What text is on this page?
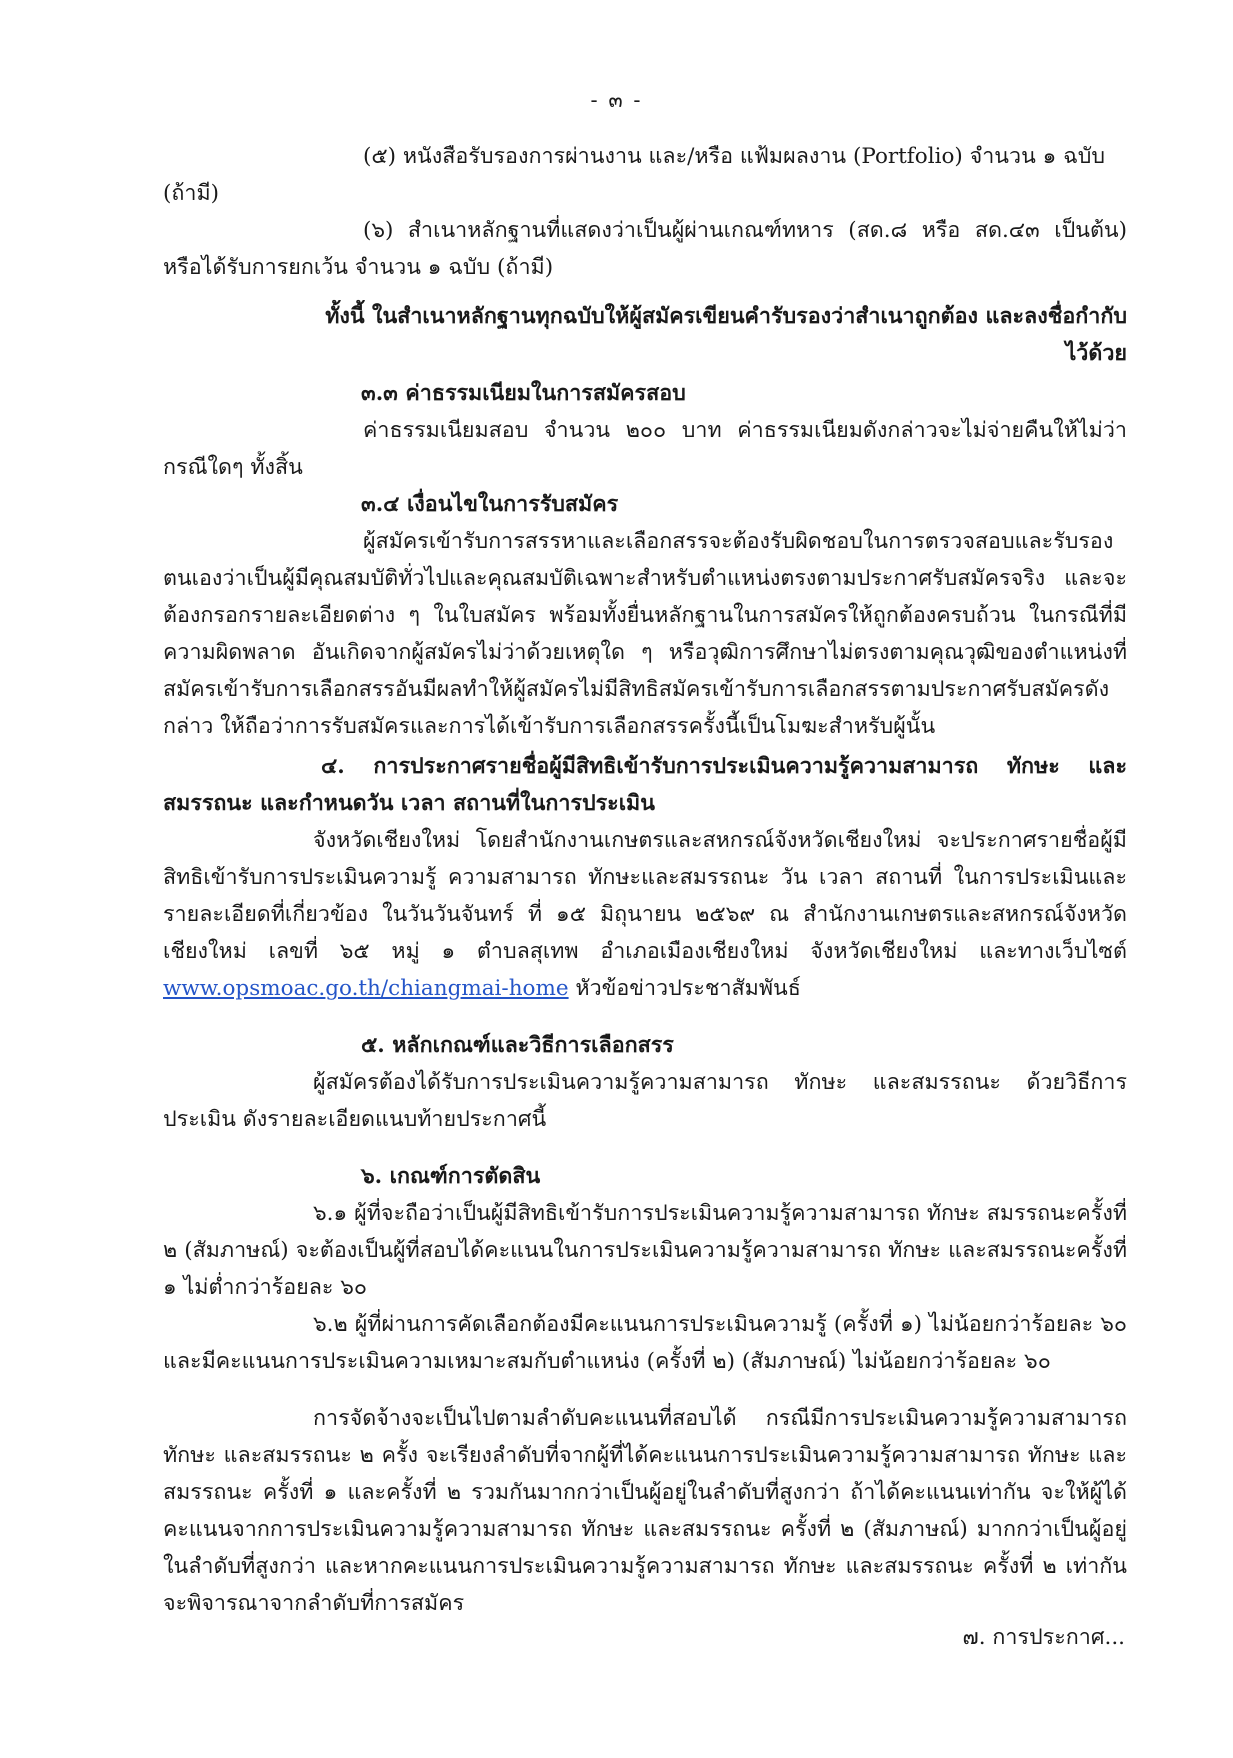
- ๓ -

(๕) หนังสือรับรองการผ่านงาน และ/หรือ แฟ้มผลงาน (Portfolio) จำนวน ๑ ฉบับ (ถ้ามี)

(๖) สำเนาหลักฐานที่แสดงว่าเป็นผู้ผ่านเกณฑ์ทหาร (สด.๘ หรือ สด.๔๓ เป็นต้น) หรือได้รับการยกเว้น จำนวน ๑ ฉบับ (ถ้ามี)

ทั้งนี้ ในสำเนาหลักฐานทุกฉบับให้ผู้สมัครเขียนคำรับรองว่าสำเนาถูกต้อง และลงชื่อกำกับไว้ด้วย

๓.๓ ค่าธรรมเนียมในการสมัครสอบ

ค่าธรรมเนียมสอบ จำนวน ๒๐๐ บาท ค่าธรรมเนียมดังกล่าวจะไม่จ่ายคืนให้ไม่ว่ากรณีใดๆ ทั้งสิ้น

๓.๔ เงื่อนไขในการรับสมัคร

ผู้สมัครเข้ารับการสรรหาและเลือกสรรจะต้องรับผิดชอบในการตรวจสอบและรับรองตนเองว่าเป็นผู้มีคุณสมบัติทั่วไปและคุณสมบัติเฉพาะสำหรับตำแหน่งตรงตามประกาศรับสมัครจริง และจะต้องกรอกรายละเอียดต่าง ๆ ในใบสมัคร พร้อมทั้งยื่นหลักฐานในการสมัครให้ถูกต้องครบถ้วน ในกรณีที่มีความผิดพลาด อันเกิดจากผู้สมัครไม่ว่าด้วยเหตุใด ๆ หรือวุฒิการศึกษาไม่ตรงตามคุณวุฒิของตำแหน่งที่สมัครเข้ารับการเลือกสรรอันมีผลทำให้ผู้สมัครไม่มีสิทธิสมัครเข้ารับการเลือกสรรตามประกาศรับสมัครดังกล่าว ให้ถือว่าการรับสมัครและการได้เข้ารับการเลือกสรรครั้งนี้เป็นโมฆะสำหรับผู้นั้น

๔. การประกาศรายชื่อผู้มีสิทธิเข้ารับการประเมินความรู้ความสามารถ ทักษะ และสมรรถนะ และกำหนดวัน เวลา สถานที่ในการประเมิน

จังหวัดเชียงใหม่ โดยสำนักงานเกษตรและสหกรณ์จังหวัดเชียงใหม่ จะประกาศรายชื่อผู้มีสิทธิเข้ารับการประเมินความรู้ ความสามารถ ทักษะและสมรรถนะ วัน เวลา สถานที่ ในการประเมินและรายละเอียดที่เกี่ยวข้อง ในวันวันจันทร์ ที่ ๑๕ มิถุนายน ๒๕๖๙ ณ สำนักงานเกษตรและสหกรณ์จังหวัดเชียงใหม่ เลขที่ ๖๕ หมู่ ๑ ตำบลสุเทพ อำเภอเมืองเชียงใหม่ จังหวัดเชียงใหม่ และทางเว็บไซต์ www.opsmoac.go.th/chiangmai-home หัวข้อข่าวประชาสัมพันธ์

๕. หลักเกณฑ์และวิธีการเลือกสรร

ผู้สมัครต้องได้รับการประเมินความรู้ความสามารถ ทักษะ และสมรรถนะ ด้วยวิธีการประเมิน ดังรายละเอียดแนบท้ายประกาศนี้

๖. เกณฑ์การตัดสิน

๖.๑ ผู้ที่จะถือว่าเป็นผู้มีสิทธิเข้ารับการประเมินความรู้ความสามารถ ทักษะ สมรรถนะครั้งที่ ๒ (สัมภาษณ์) จะต้องเป็นผู้ที่สอบได้คะแนนในการประเมินความรู้ความสามารถ ทักษะ และสมรรถนะครั้งที่ ๑ ไม่ต่ำกว่าร้อยละ ๖๐

๖.๒ ผู้ที่ผ่านการคัดเลือกต้องมีคะแนนการประเมินความรู้ (ครั้งที่ ๑) ไม่น้อยกว่าร้อยละ ๖๐ และมีคะแนนการประเมินความเหมาะสมกับตำแหน่ง (ครั้งที่ ๒) (สัมภาษณ์) ไม่น้อยกว่าร้อยละ ๖๐

การจัดจ้างจะเป็นไปตามลำดับคะแนนที่สอบได้ กรณีมีการประเมินความรู้ความสามารถ ทักษะ และสมรรถนะ ๒ ครั้ง จะเรียงลำดับที่จากผู้ที่ได้คะแนนการประเมินความรู้ความสามารถ ทักษะ และสมรรถนะ ครั้งที่ ๑ และครั้งที่ ๒ รวมกันมากกว่าเป็นผู้อยู่ในลำดับที่สูงกว่า ถ้าได้คะแนนเท่ากัน จะให้ผู้ได้คะแนนจากการประเมินความรู้ความสามารถ ทักษะ และสมรรถนะ ครั้งที่ ๒ (สัมภาษณ์) มากกว่าเป็นผู้อยู่ในลำดับที่สูงกว่า และหากคะแนนการประเมินความรู้ความสามารถ ทักษะ และสมรรถนะ ครั้งที่ ๒ เท่ากันจะพิจารณาจากลำดับที่การสมัคร

๗. การประกาศ...
